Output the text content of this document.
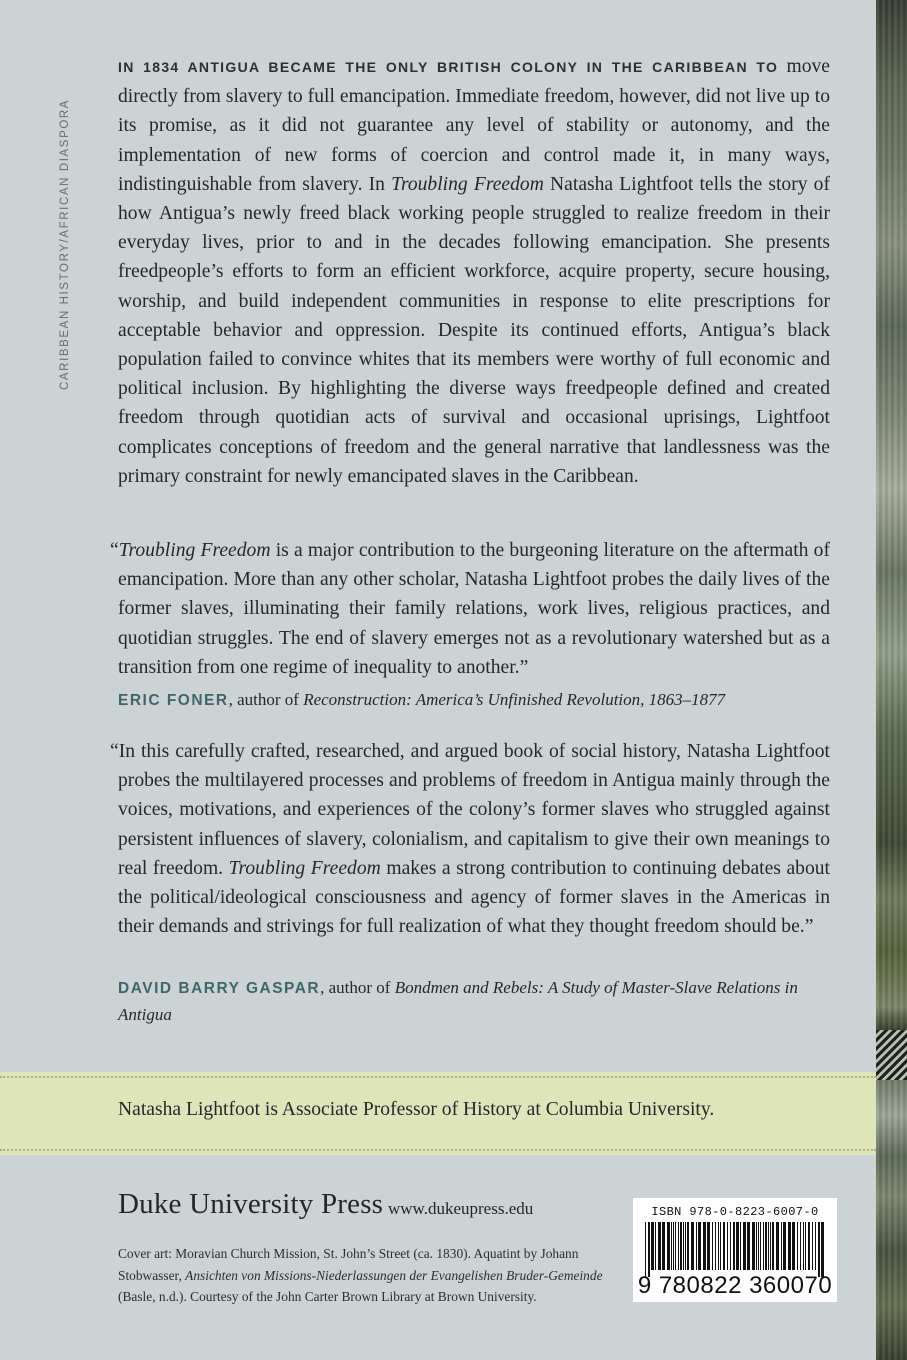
CARIBBEAN HISTORY/AFRICAN DIASPORA

IN 1834 ANTIGUA BECAME THE ONLY BRITISH COLONY IN THE CARIBBEAN TO move directly from slavery to full emancipation. Immediate freedom, however, did not live up to its promise, as it did not guarantee any level of stability or autonomy, and the implementation of new forms of coercion and control made it, in many ways, indistinguishable from slavery. In Troubling Freedom Natasha Lightfoot tells the story of how Antigua’s newly freed black working people struggled to realize freedom in their everyday lives, prior to and in the decades following emancipation. She presents freedpeople’s efforts to form an efficient workforce, acquire property, secure housing, worship, and build independent communities in response to elite prescriptions for acceptable behavior and oppression. Despite its continued efforts, Antigua’s black population failed to convince whites that its members were worthy of full economic and political inclusion. By highlighting the diverse ways freedpeople defined and created freedom through quotidian acts of survival and occasional uprisings, Lightfoot complicates conceptions of freedom and the general narrative that landlessness was the primary constraint for newly emancipated slaves in the Caribbean.

“Troubling Freedom is a major contribution to the burgeoning literature on the aftermath of emancipation. More than any other scholar, Natasha Lightfoot probes the daily lives of the former slaves, illuminating their family relations, work lives, religious practices, and quotidian struggles. The end of slavery emerges not as a revolutionary watershed but as a transition from one regime of inequality to another.”

ERIC FONER, author of Reconstruction: America’s Unfinished Revolution, 1863–1877

“In this carefully crafted, researched, and argued book of social history, Natasha Lightfoot probes the multilayered processes and problems of freedom in Antigua mainly through the voices, motivations, and experiences of the colony’s former slaves who struggled against persistent influences of slavery, colonialism, and capitalism to give their own meanings to real freedom. Troubling Freedom makes a strong contribution to continuing debates about the political/ideological consciousness and agency of former slaves in the Americas in their demands and strivings for full realization of what they thought freedom should be.”

DAVID BARRY GASPAR, author of Bondmen and Rebels: A Study of Master-Slave Relations in Antigua

Natasha Lightfoot is Associate Professor of History at Columbia University.

Duke University Press www.dukeupress.edu

Cover art: Moravian Church Mission, St. John’s Street (ca. 1830). Aquatint by Johann Stobwasser, Ansichten von Missions-Niederlassungen der Evangelishen Bruder-Gemeinde (Basle, n.d.). Courtesy of the John Carter Brown Library at Brown University.

ISBN 978-0-8223-6007-0
9 780822 360070
